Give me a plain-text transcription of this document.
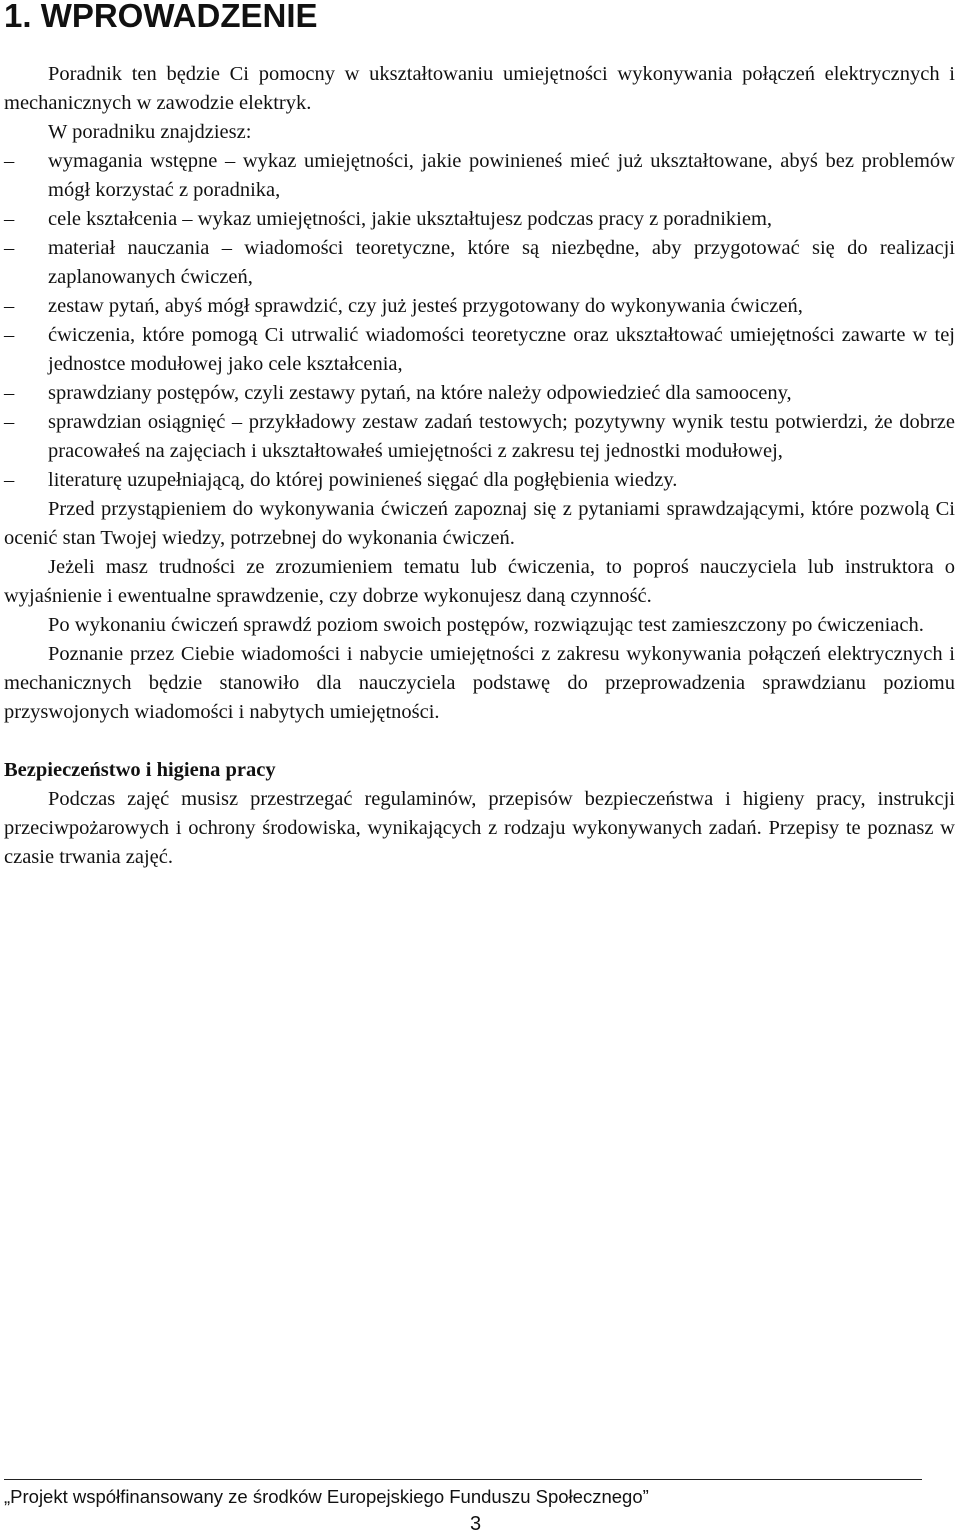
1. WPROWADZENIE

Poradnik ten będzie Ci pomocny w ukształtowaniu umiejętności wykonywania połączeń elektrycznych i mechanicznych w zawodzie elektryk.

W poradniku znajdziesz:

– wymagania wstępne – wykaz umiejętności, jakie powinieneś mieć już ukształtowane, abyś bez problemów mógł korzystać z poradnika,
– cele kształcenia – wykaz umiejętności, jakie ukształtujesz podczas pracy z poradnikiem,
– materiał nauczania – wiadomości teoretyczne, które są niezbędne, aby przygotować się do realizacji zaplanowanych ćwiczeń,
– zestaw pytań, abyś mógł sprawdzić, czy już jesteś przygotowany do wykonywania ćwiczeń,
– ćwiczenia, które pomogą Ci utrwalić wiadomości teoretyczne oraz ukształtować umiejętności zawarte w tej jednostce modułowej jako cele kształcenia,
– sprawdziany postępów, czyli zestawy pytań, na które należy odpowiedzieć dla samooceny,
– sprawdzian osiągnięć – przykładowy zestaw zadań testowych; pozytywny wynik testu potwierdzi, że dobrze pracowałeś na zajęciach i ukształtowałeś umiejętności z zakresu tej jednostki modułowej,
– literaturę uzupełniającą, do której powinieneś sięgać dla pogłębienia wiedzy.

Przed przystąpieniem do wykonywania ćwiczeń zapoznaj się z pytaniami sprawdzającymi, które pozwolą Ci ocenić stan Twojej wiedzy, potrzebnej do wykonania ćwiczeń.

Jeżeli masz trudności ze zrozumieniem tematu lub ćwiczenia, to poproś nauczyciela lub instruktora o wyjaśnienie i ewentualne sprawdzenie, czy dobrze wykonujesz daną czynność.

Po wykonaniu ćwiczeń sprawdź poziom swoich postępów, rozwiązując test zamieszczony po ćwiczeniach.

Poznanie przez Ciebie wiadomości i nabycie umiejętności z zakresu wykonywania połączeń elektrycznych i mechanicznych będzie stanowiło dla nauczyciela podstawę do przeprowadzenia sprawdzianu poziomu przyswojonych wiadomości i nabytych umiejętności.

Bezpieczeństwo i higiena pracy

Podczas zajęć musisz przestrzegać regulaminów, przepisów bezpieczeństwa i higieny pracy, instrukcji przeciwpożarowych i ochrony środowiska, wynikających z rodzaju wykonywanych zadań. Przepisy te poznasz w czasie trwania zajęć.

„Projekt współfinansowany ze środków Europejskiego Funduszu Społecznego”
3
